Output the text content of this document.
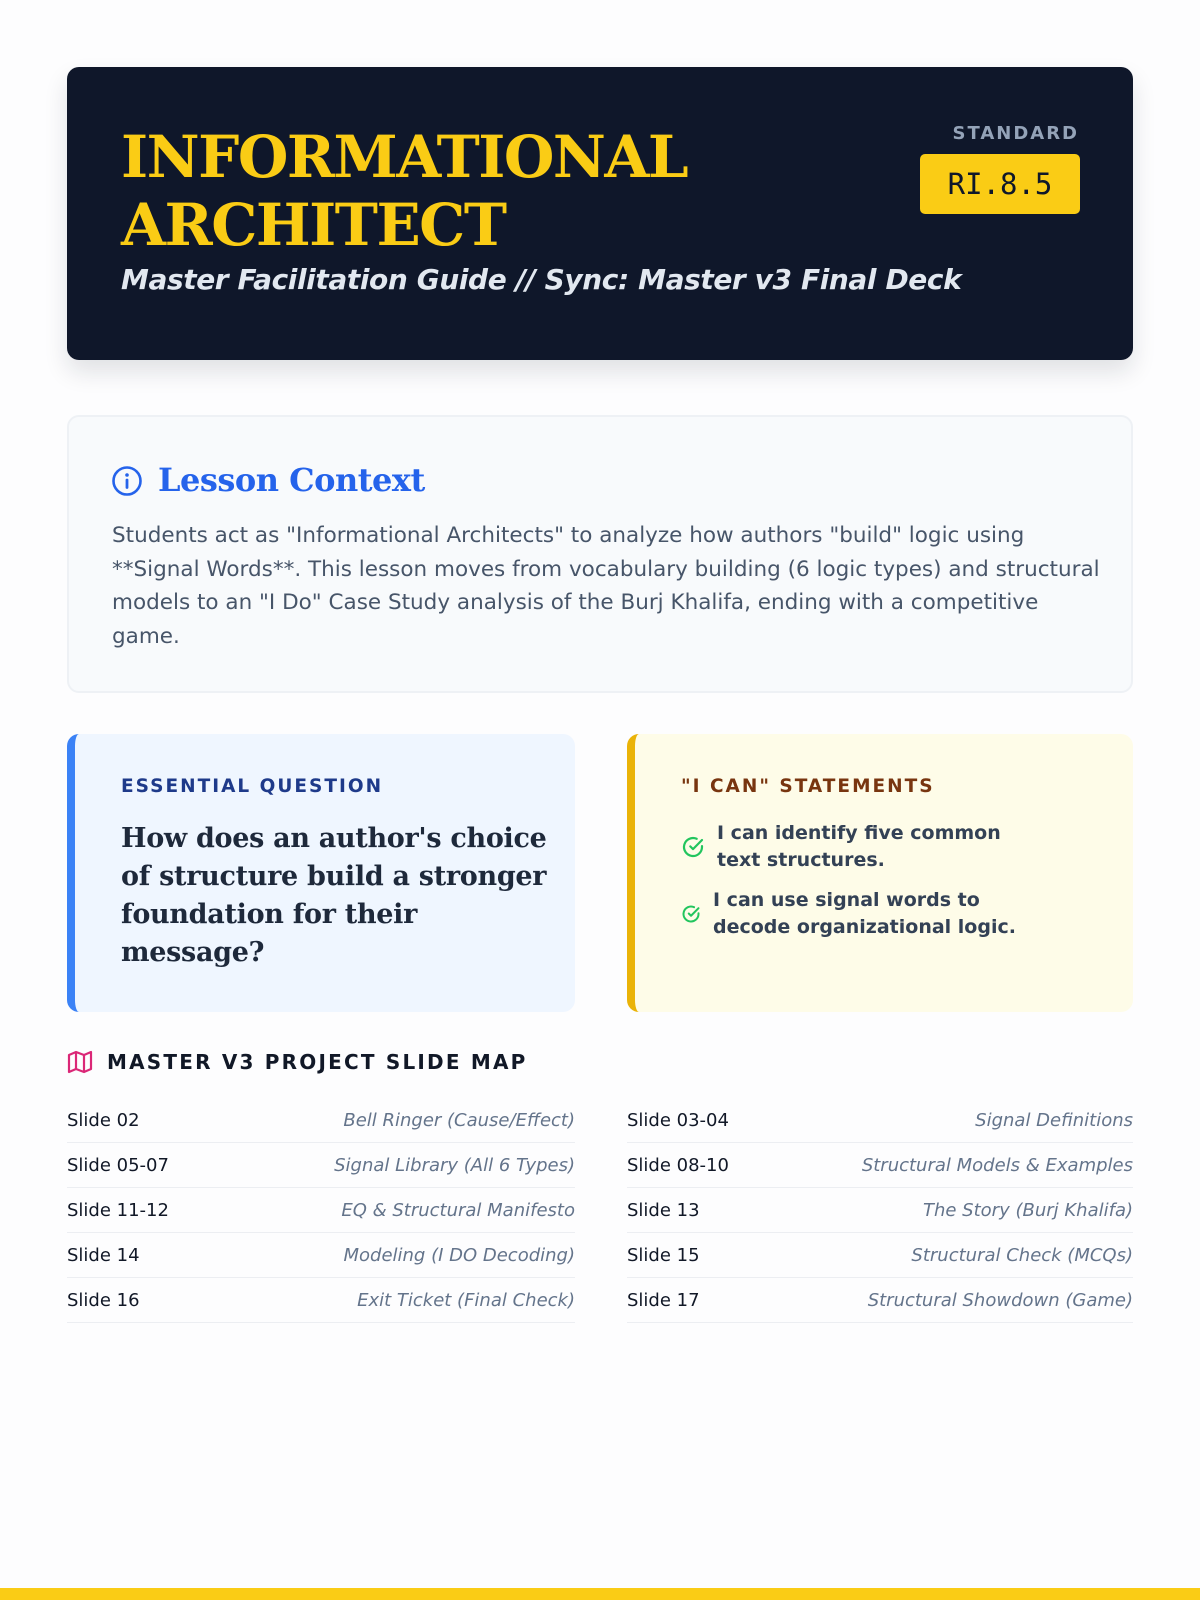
INFORMATIONAL
ARCHITECT
Master Facilitation Guide // Sync: Master v3 Final Deck
STANDARD
RI.8.5
Lesson Context
Students act as "Informational Architects" to analyze how authors "build" logic using **Signal Words**. This lesson moves from vocabulary building (6 logic types) and structural models to an "I Do" Case Study analysis of the Burj Khalifa, ending with a competitive game.
ESSENTIAL QUESTION
How does an author's choice of structure build a stronger foundation for their message?
"I CAN" STATEMENTS
I can identify five common text structures.
I can use signal words to decode organizational logic.
MASTER V3 PROJECT SLIDE MAP
Slide 02	Bell Ringer (Cause/Effect)
Slide 05-07	Signal Library (All 6 Types)
Slide 11-12	EQ & Structural Manifesto
Slide 14	Modeling (I DO Decoding)
Slide 16	Exit Ticket (Final Check)
Slide 03-04	Signal Definitions
Slide 08-10	Structural Models & Examples
Slide 13	The Story (Burj Khalifa)
Slide 15	Structural Check (MCQs)
Slide 17	Structural Showdown (Game)
